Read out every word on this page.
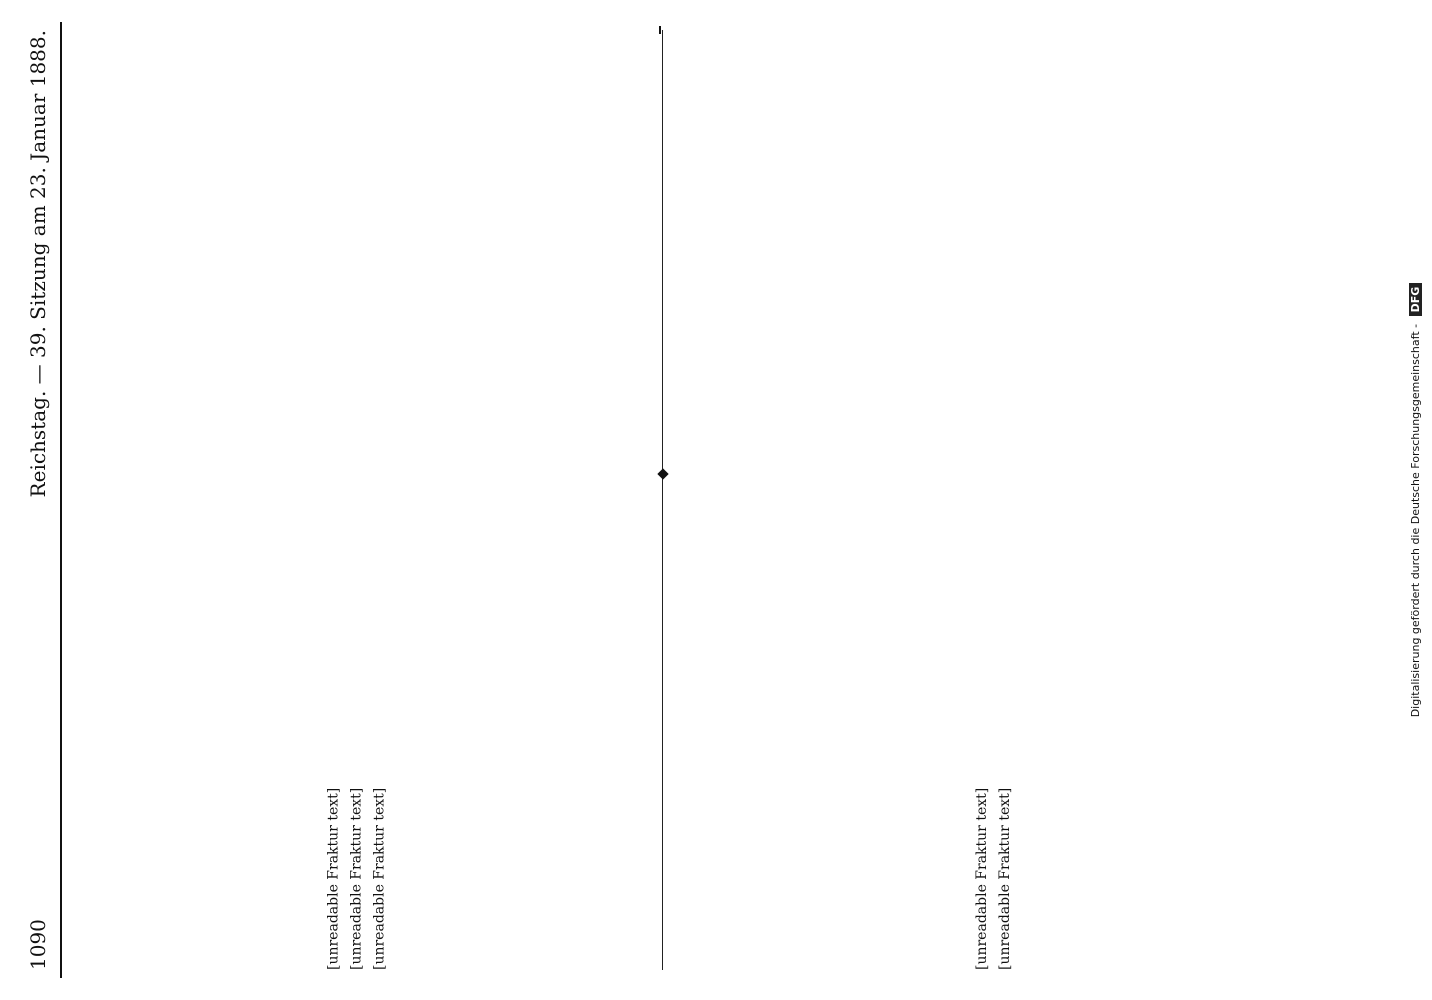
1090
Reichstag. — 39. Sitzung am 23. Januar 1888.

[unreadable Fraktur text] [unreadable Fraktur text] [unreadable Fraktur text]	[unreadable Fraktur text] [unreadable Fraktur text]

Digitalisierung gefördert durch die Deutsche Forschungsgemeinschaft - DFG
